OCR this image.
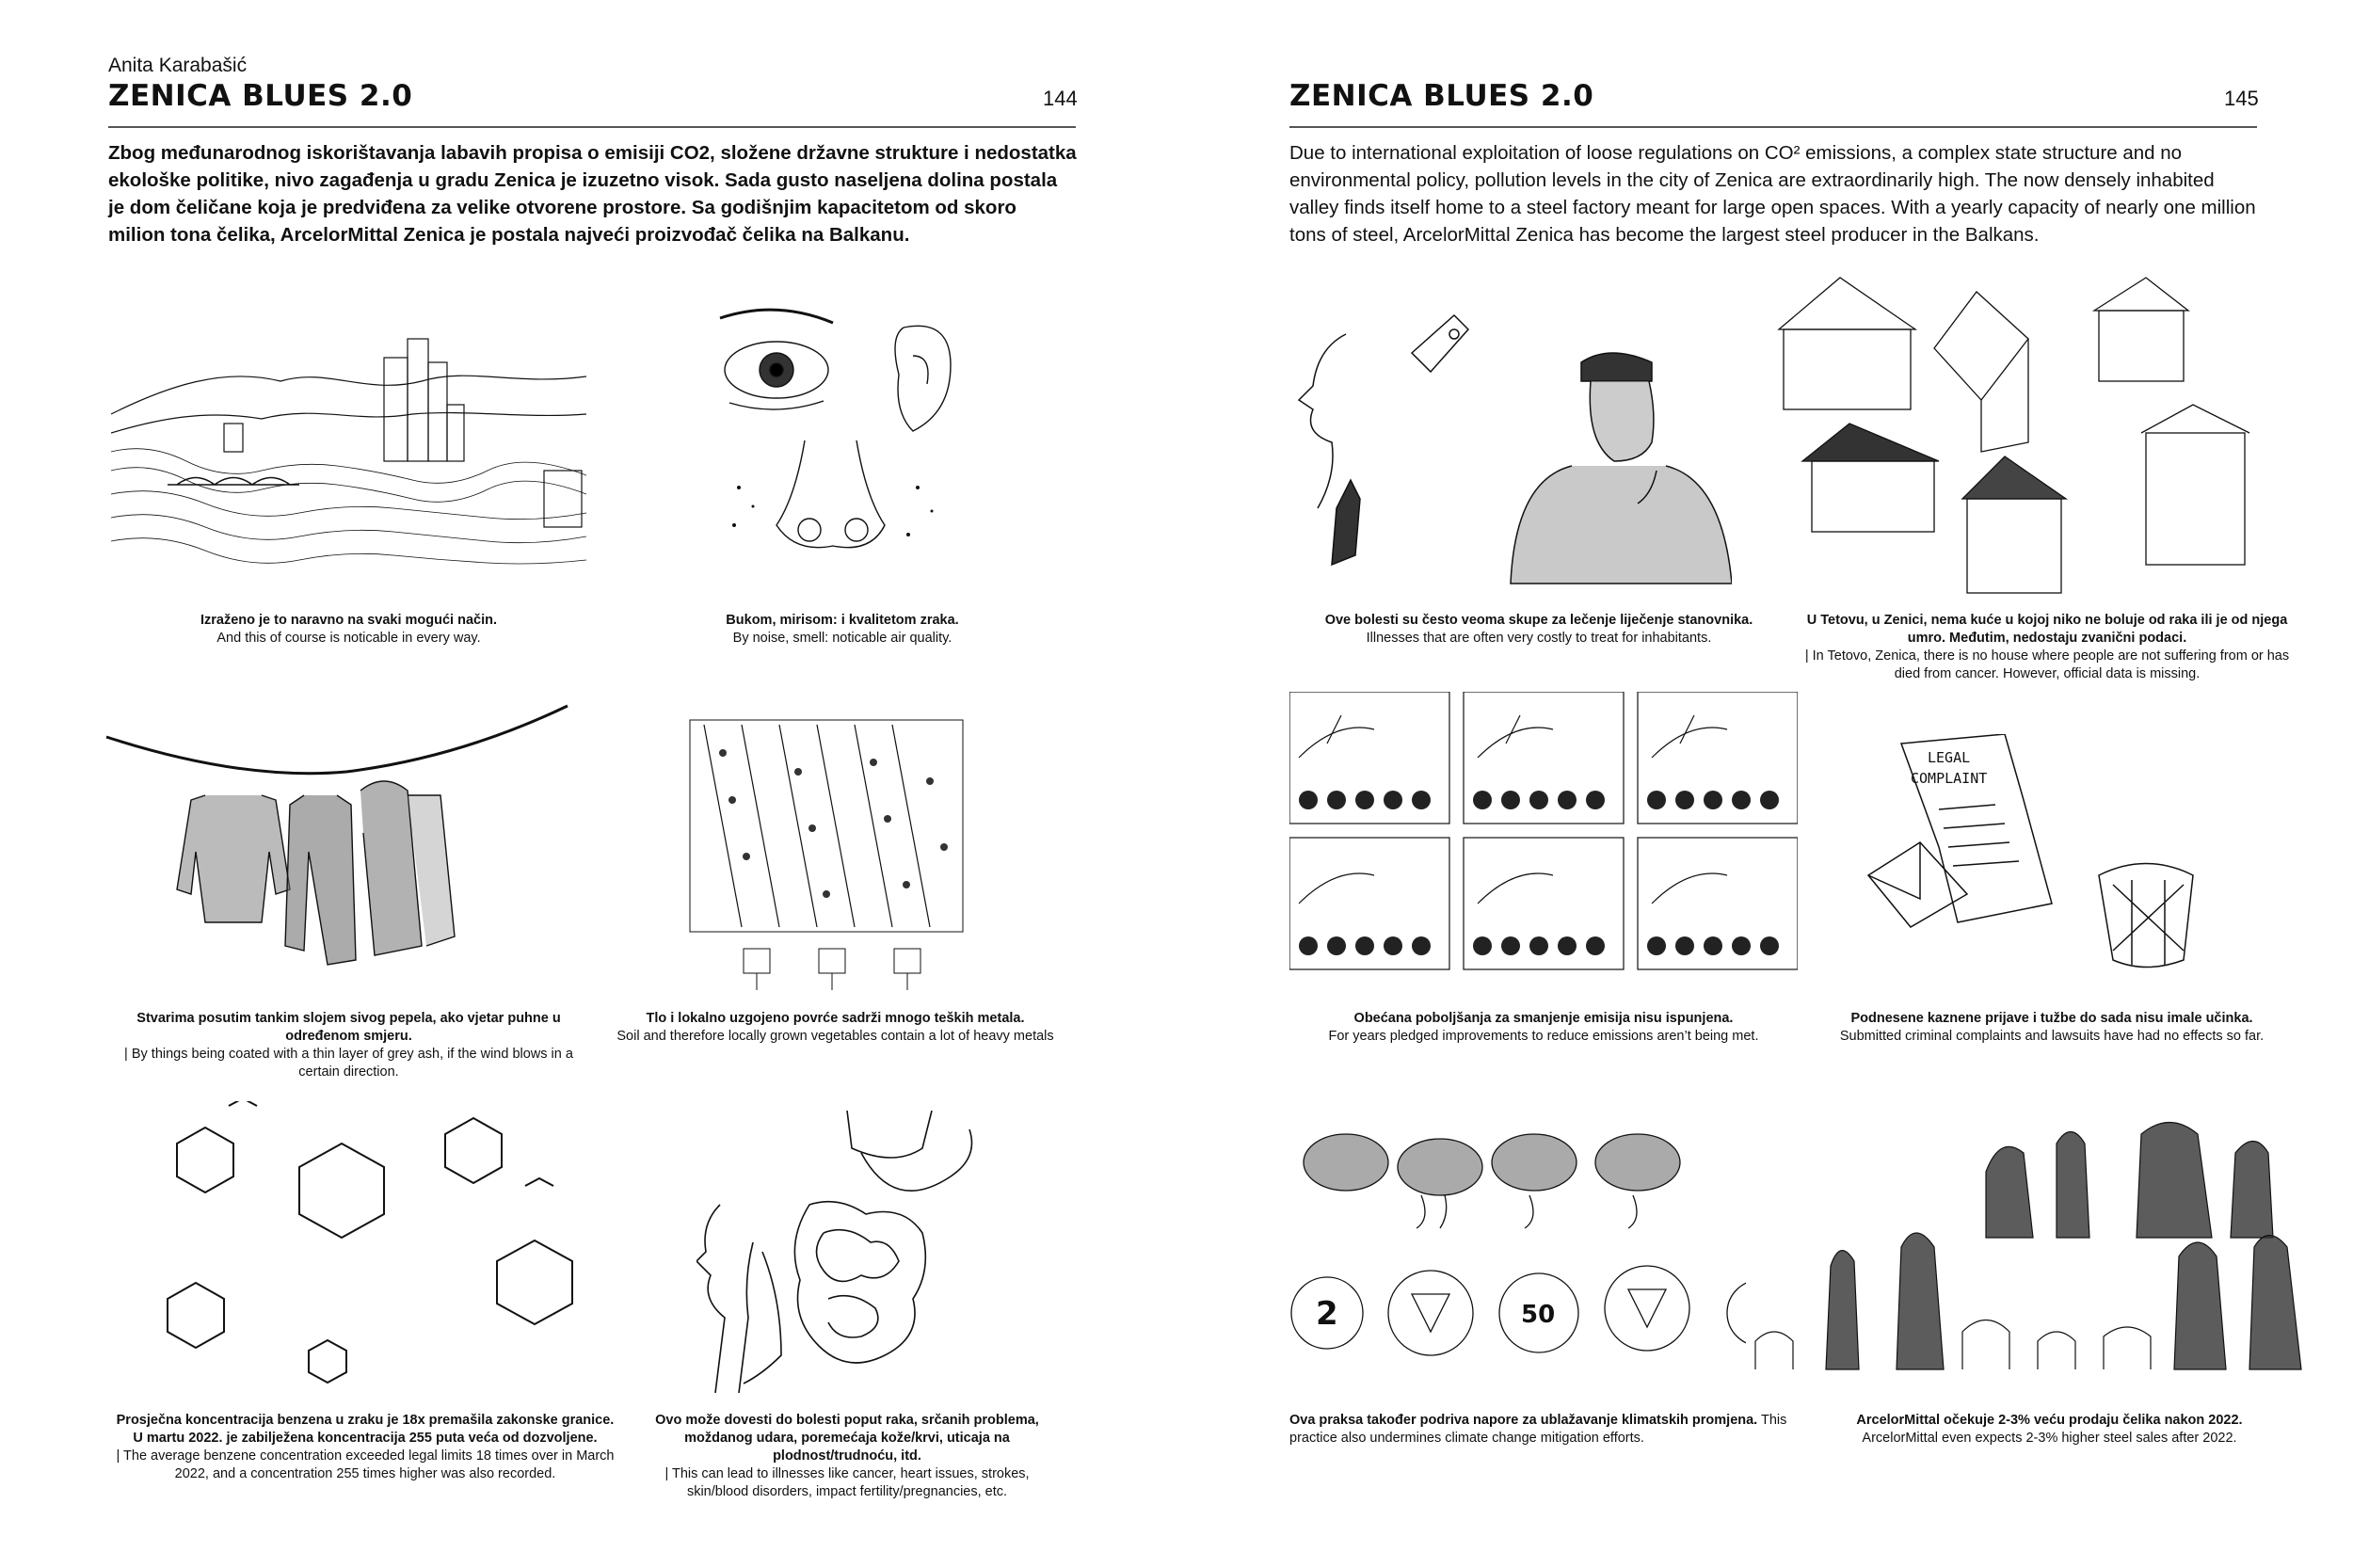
Anita Karabašić
ZENICA BLUES 2.0	144
Zbog međunarodnog iskorištavanja labavih propisa o emisiji CO2, složene državne strukture i nedostatka ekološke politike, nivo zagađenja u gradu Zenica je izuzetno visok. Sada gusto naseljena dolina postala je dom čeličane koja je predviđena za velike otvorene prostore. Sa godišnjim kapacitetom od skoro milion tona čelika, ArcelorMittal Zenica je postala najveći proizvođač čelika na Balkanu.
Izraženo je to naravno na svaki mogući način.
And this of course is noticable in every way.
Bukom, mirisom: i kvalitetom zraka.
By noise, smell: noticable air quality.
Stvarima posutim tankim slojem sivog pepela, ako vjetar puhne u određenom smjeru.
| By things being coated with a thin layer of grey ash, if the wind blows in a certain direction.
Tlo i lokalno uzgojeno povrće sadrži mnogo teških metala.
Soil and therefore locally grown vegetables contain a lot of heavy metals
Prosječna koncentracija benzena u zraku je 18x premašila zakonske granice. U martu 2022. je zabilježena koncentracija 255 puta veća od dozvoljene.
| The average benzene concentration exceeded legal limits 18 times over in March 2022, and a concentration 255 times higher was also recorded.
Ovo može dovesti do bolesti poput raka, srčanih problema, moždanog udara, poremećaja kože/krvi, uticaja na plodnost/trudnoću, itd.
| This can lead to illnesses like cancer, heart issues, strokes, skin/blood disorders, impact fertility/pregnancies, etc.
ZENICA BLUES 2.0	145
Due to international exploitation of loose regulations on CO² emissions, a complex state structure and no environmental policy, pollution levels in the city of Zenica are extraordinarily high. The now densely inhabited valley finds itself home to a steel factory meant for large open spaces. With a yearly capacity of nearly one million tons of steel, ArcelorMittal Zenica has become the largest steel producer in the Balkans.
Ove bolesti su često veoma skupe za lečenje liječenje stanovnika.
Illnesses that are often very costly to treat for inhabitants.
U Tetovu, u Zenici, nema kuće u kojoj niko ne boluje od raka ili je od njega umro. Međutim, nedostaju zvanični podaci.
| In Tetovo, Zenica, there is no house where people are not suffering from or has died from cancer. However, official data is missing.
Obećana poboljšanja za smanjenje emisija nisu ispunjena.
For years pledged improvements to reduce emissions aren’t being met.
LEGAL
COMPLAINT
Podnesene kaznene prijave i tužbe do sada nisu imale učinka.
Submitted criminal complaints and lawsuits have had no effects so far.
2	50
Ova praksa također podriva napore za ublažavanje klimatskih promjena. This practice also undermines climate change mitigation efforts.
ArcelorMittal očekuje 2-3% veću prodaju čelika nakon 2022.
ArcelorMittal even expects 2-3% higher steel sales after 2022.
